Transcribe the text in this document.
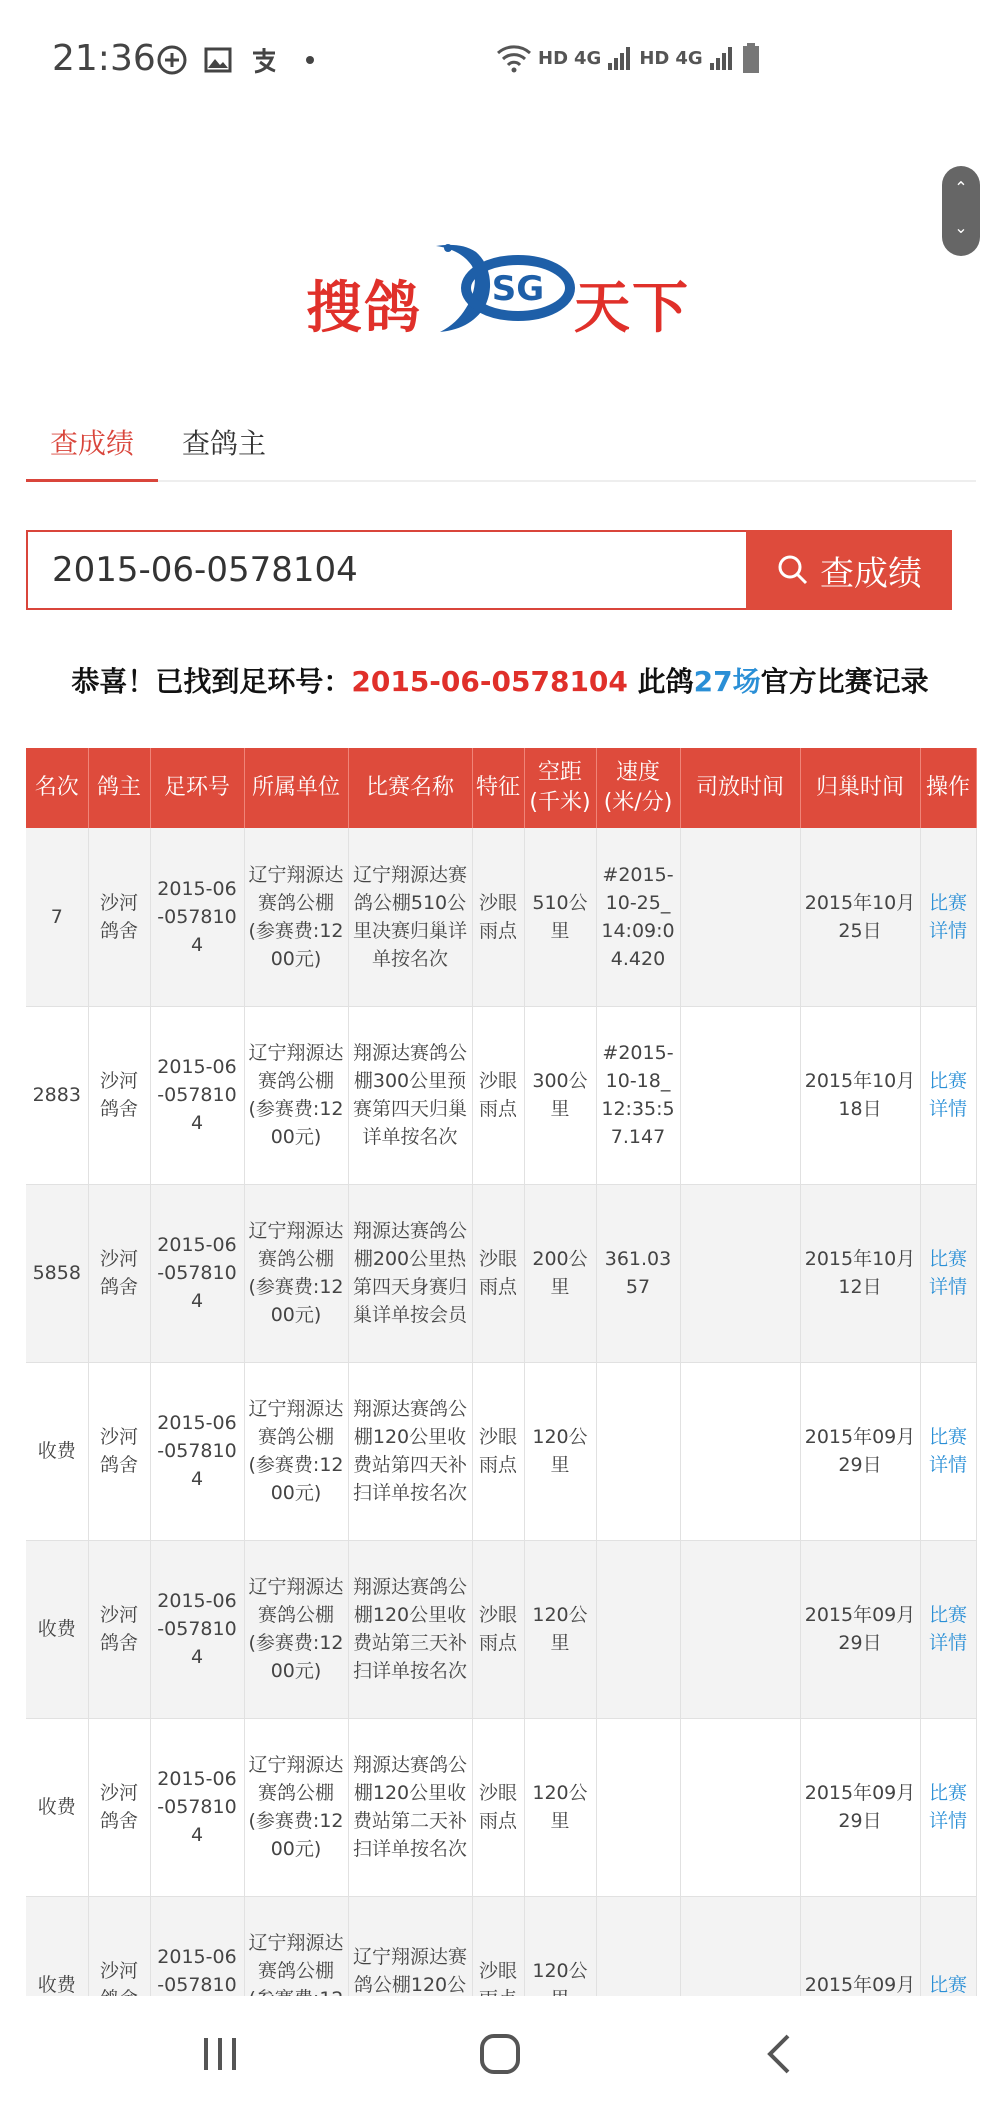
21:36	HD 4G HD 4G
⌃
⌄
搜鸽 SG 天下
查成绩	查鸽主
2015-06-0578104	查成绩
恭喜！已找到足环号：2015-06-0578104 此鸽27场官方比赛记录
名次	鸽主	足环号	所属单位	比赛名称	特征	空距(千米)	速度(米/分)	司放时间	归巢时间	操作
7	沙河鸽舍	2015-06-0578104	辽宁翔源达赛鸽公棚(参赛费:1200元)	辽宁翔源达赛鸽公棚510公里决赛归巢详单按名次	沙眼雨点	510公里	#2015-10-25_14:09:04.420		2015年10月25日	比赛详情
2883	沙河鸽舍	2015-06-0578104	辽宁翔源达赛鸽公棚(参赛费:1200元)	翔源达赛鸽公棚300公里预赛第四天归巢详单按名次	沙眼雨点	300公里	#2015-10-18_12:35:57.147		2015年10月18日	比赛详情
5858	沙河鸽舍	2015-06-0578104	辽宁翔源达赛鸽公棚(参赛费:1200元)	翔源达赛鸽公棚200公里热第四天身赛归巢详单按会员	沙眼雨点	200公里	361.0357		2015年10月12日	比赛详情
收费	沙河鸽舍	2015-06-0578104	辽宁翔源达赛鸽公棚(参赛费:1200元)	翔源达赛鸽公棚120公里收费站第四天补扫详单按名次	沙眼雨点	120公里			2015年09月29日	比赛详情
收费	沙河鸽舍	2015-06-0578104	辽宁翔源达赛鸽公棚(参赛费:1200元)	翔源达赛鸽公棚120公里收费站第三天补扫详单按名次	沙眼雨点	120公里			2015年09月29日	比赛详情
收费	沙河鸽舍	2015-06-0578104	辽宁翔源达赛鸽公棚(参赛费:1200元)	翔源达赛鸽公棚120公里收费站第二天补扫详单按名次	沙眼雨点	120公里			2015年09月29日	比赛详情
收费	沙河	2015-06-057810	辽宁翔源达赛鸽公棚	辽宁翔源达赛鸽公棚120公	沙眼	120公			2015年09月	比赛
